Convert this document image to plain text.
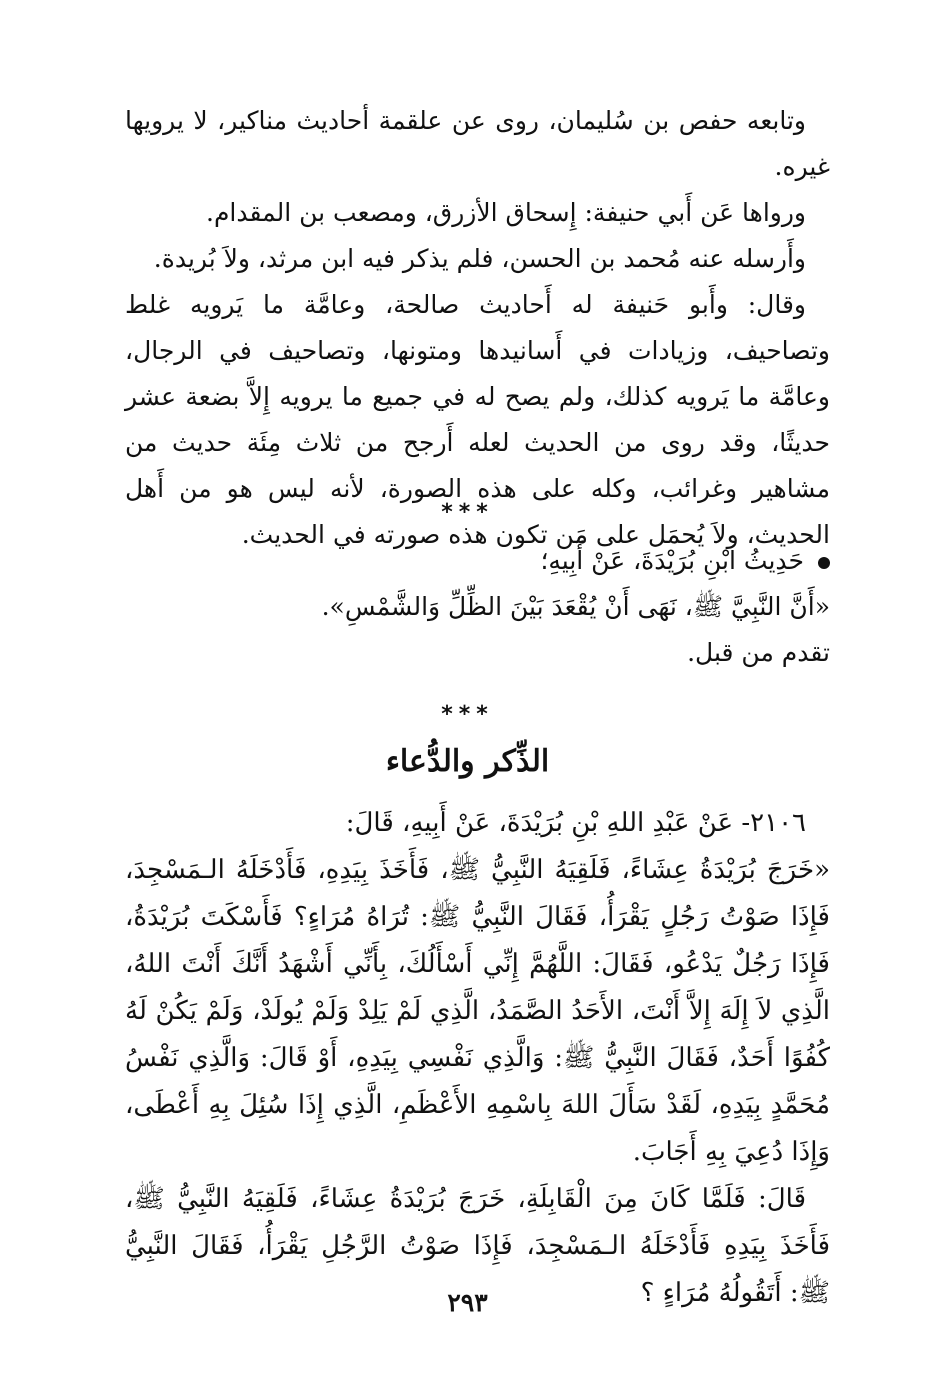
وتابعه حفص بن سُليمان، روى عن علقمة أحاديث مناكير، لا يرويها غيره.

ورواها عَن أَبي حنيفة: إِسحاق الأزرق، ومصعب بن المقدام.

وأَرسله عنه مُحمد بن الحسن، فلم يذكر فيه ابن مرثد، ولاَ بُريدة.

وقال: وأَبو حَنيفة له أَحاديث صالحة، وعامَّة ما يَرويه غلط وتصاحيف، وزيادات في أَسانيدها ومتونها، وتصاحيف في الرجال، وعامَّة ما يَرويه كذلك، ولم يصح له في جميع ما يرويه إِلاَّ بضعة عشر حديثًا، وقد روى من الحديث لعله أَرجح من ثلاث مِئَة حديث من مشاهير وغرائب، وكله على هذه الصورة، لأنه ليس هو من أَهل الحديث، ولاَ يُحمَل على مَن تكون هذه صورته في الحديث.

***
حَدِيثُ ابْنِ بُرَيْدَةَ، عَنْ أَبِيهِ؛

«أَنَّ النَّبِيَّ ﷺ، نَهَى أَنْ يُقْعَدَ بَيْنَ الظِّلِّ وَالشَّمْسِ».

تقدم من قبل.

***
الذِّكر والدُّعاء

٢١٠٦- عَنْ عَبْدِ اللهِ بْنِ بُرَيْدَةَ، عَنْ أَبِيهِ، قَالَ:

«خَرَجَ بُرَيْدَةُ عِشَاءً، فَلَقِيَهُ النَّبِيُّ ﷺ، فَأَخَذَ بِيَدِهِ، فَأَدْخَلَهُ الـمَسْجِدَ، فَإِذَا صَوْتُ رَجُلٍ يَقْرَأُ، فَقَالَ النَّبِيُّ ﷺ: تُرَاهُ مُرَاءٍ؟ فَأَسْكَتَ بُرَيْدَةُ، فَإِذَا رَجُلٌ يَدْعُو، فَقَالَ: اللَّهُمَّ إِنِّي أَسْأَلُكَ، بِأَنِّي أَشْهَدُ أَنَّكَ أَنْتَ اللهُ، الَّذِي لاَ إِلَهَ إِلاَّ أَنْتَ، الأَحَدُ الصَّمَدُ، الَّذِي لَمْ يَلِدْ وَلَمْ يُولَدْ، وَلَمْ يَكُنْ لَهُ كُفُوًا أَحَدٌ، فَقَالَ النَّبِيُّ ﷺ: وَالَّذِي نَفْسِي بِيَدِهِ، أَوْ قَالَ: وَالَّذِي نَفْسُ مُحَمَّدٍ بِيَدِهِ، لَقَدْ سَأَلَ اللهَ بِاسْمِهِ الأَعْظَمِ، الَّذِي إِذَا سُئِلَ بِهِ أَعْطَى، وَإِذَا دُعِيَ بِهِ أَجَابَ.

قَالَ: فَلَمَّا كَانَ مِنَ الْقَابِلَةِ، خَرَجَ بُرَيْدَةُ عِشَاءً، فَلَقِيَهُ النَّبِيُّ ﷺ، فَأَخَذَ بِيَدِهِ فَأَدْخَلَهُ الـمَسْجِدَ، فَإِذَا صَوْتُ الرَّجُلِ يَقْرَأُ، فَقَالَ النَّبِيُّ ﷺ: أَتَقُولُهُ مُرَاءٍ ؟

٢٩٣
